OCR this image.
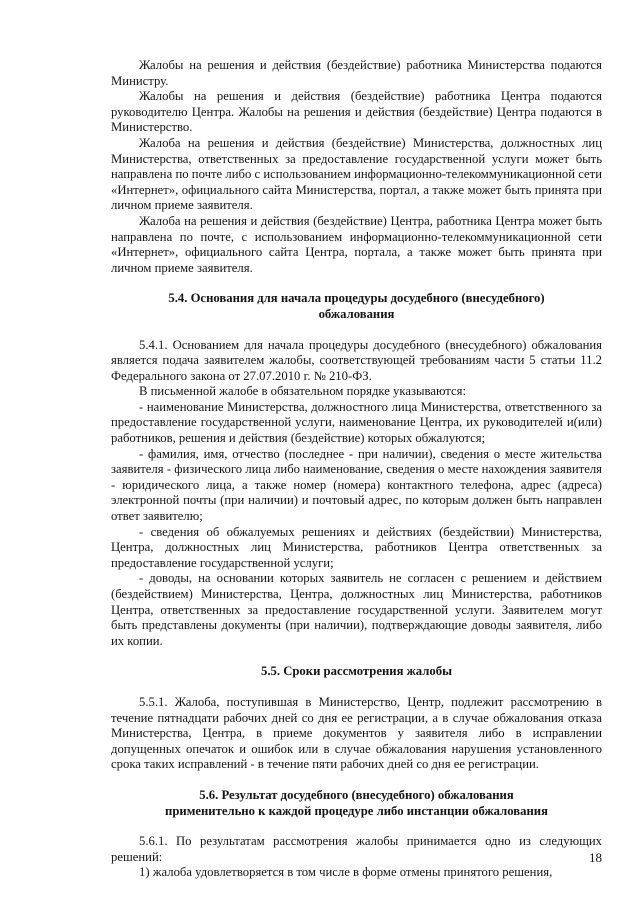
Жалобы на решения и действия (бездействие) работника Министерства подаются Министру.

Жалобы на решения и действия (бездействие) работника Центра подаются руководителю Центра. Жалобы на решения и действия (бездействие) Центра подаются в Министерство.

Жалоба на решения и действия (бездействие) Министерства, должностных лиц Министерства, ответственных за предоставление государственной услуги может быть направлена по почте либо с использованием информационно-телекоммуникационной сети «Интернет», официального сайта Министерства, портал, а также может быть принята при личном приеме заявителя.

Жалоба на решения и действия (бездействие) Центра, работника Центра может быть направлена по почте, с использованием информационно-телекоммуникационной сети «Интернет», официального сайта Центра, портала, а также может быть принята при личном приеме заявителя.

5.4. Основания для начала процедуры досудебного (внесудебного) обжалования

5.4.1. Основанием для начала процедуры досудебного (внесудебного) обжалования является подача заявителем жалобы, соответствующей требованиям части 5 статьи 11.2 Федерального закона от 27.07.2010 г. № 210-ФЗ.

В письменной жалобе в обязательном порядке указываются:

- наименование Министерства, должностного лица Министерства, ответственного за предоставление государственной услуги, наименование Центра, их руководителей и(или) работников, решения и действия (бездействие) которых обжалуются;

- фамилия, имя, отчество (последнее - при наличии), сведения о месте жительства заявителя - физического лица либо наименование, сведения о месте нахождения заявителя - юридического лица, а также номер (номера) контактного телефона, адрес (адреса) электронной почты (при наличии) и почтовый адрес, по которым должен быть направлен ответ заявителю;

- сведения об обжалуемых решениях и действиях (бездействии) Министерства, Центра, должностных лиц Министерства, работников Центра ответственных за предоставление государственной услуги;

- доводы, на основании которых заявитель не согласен с решением и действием (бездействием) Министерства, Центра, должностных лиц Министерства, работников Центра, ответственных за предоставление государственной услуги. Заявителем могут быть представлены документы (при наличии), подтверждающие доводы заявителя, либо их копии.

5.5. Сроки рассмотрения жалобы

5.5.1. Жалоба, поступившая в Министерство, Центр, подлежит рассмотрению в течение пятнадцати рабочих дней со дня ее регистрации, а в случае обжалования отказа Министерства, Центра, в приеме документов у заявителя либо в исправлении допущенных опечаток и ошибок или в случае обжалования нарушения установленного срока таких исправлений - в течение пяти рабочих дней со дня ее регистрации.

5.6. Результат досудебного (внесудебного) обжалования
применительно к каждой процедуре либо инстанции обжалования

5.6.1. По результатам рассмотрения жалобы принимается одно из следующих решений:

1) жалоба удовлетворяется в том числе в форме отмены принятого решения,

18
